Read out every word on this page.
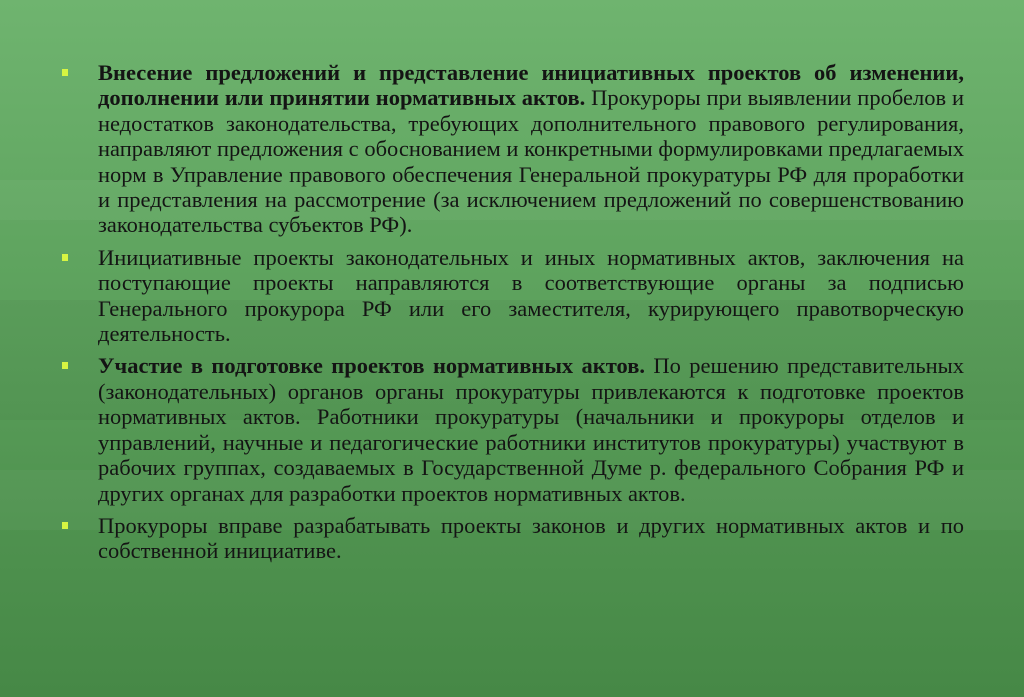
Внесение предложений и представление инициативных проектов об изменении, дополнении или принятии нормативных актов. Прокуроры при выявлении пробелов и недостатков законодательства, требующих дополнительного правового регулирования, направляют предложения с обоснованием и конкретными формулировками предлагаемых норм в Управление правового обеспечения Генеральной прокуратуры РФ для проработки и представления на рассмотрение (за исключением предложений по совершенствованию законодательства субъектов РФ).

Инициативные проекты законодательных и иных нормативных актов, заключения на поступающие проекты направляются в соответствующие органы за подписью Генерального прокурора РФ или его заместителя, курирующего правотворческую деятельность.

Участие в подготовке проектов нормативных актов. По решению представительных (законодательных) органов органы прокуратуры привлекаются к подготовке проектов нормативных актов. Работники прокуратуры (начальники и прокуроры отделов и управлений, научные и педагогические работники институтов прокуратуры) участвуют в рабочих группах, создаваемых в Государственной Думе р. федерального Собрания РФ и других органах для разработки проектов нормативных актов.

Прокуроры вправе разрабатывать проекты законов и других нормативных актов и по собственной инициативе.
